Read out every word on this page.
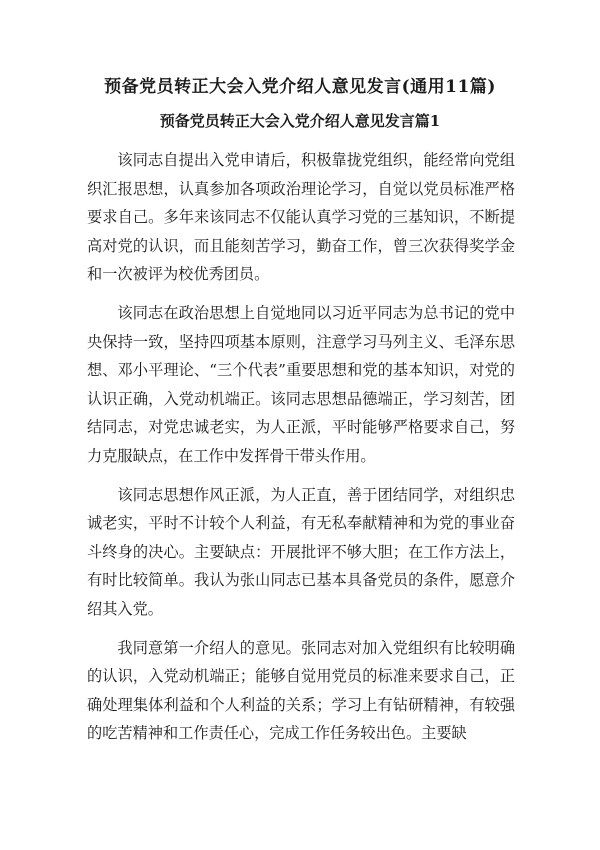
预备党员转正大会入党介绍人意见发言(通用11篇)
预备党员转正大会入党介绍人意见发言篇1

该同志自提出入党申请后，积极靠拢党组织，能经常向党组织汇报思想，认真参加各项政治理论学习，自觉以党员标准严格要求自己。多年来该同志不仅能认真学习党的三基知识，不断提高对党的认识，而且能刻苦学习，勤奋工作，曾三次获得奖学金和一次被评为校优秀团员。

该同志在政治思想上自觉地同以习近平同志为总书记的党中央保持一致，坚持四项基本原则，注意学习马列主义、毛泽东思想、邓小平理论、“三个代表”重要思想和党的基本知识，对党的认识正确，入党动机端正。该同志思想品德端正，学习刻苦，团结同志，对党忠诚老实，为人正派，平时能够严格要求自己，努力克服缺点，在工作中发挥骨干带头作用。

该同志思想作风正派，为人正直，善于团结同学，对组织忠诚老实，平时不计较个人利益，有无私奉献精神和为党的事业奋斗终身的决心。主要缺点：开展批评不够大胆；在工作方法上，有时比较简单。我认为张山同志已基本具备党员的条件，愿意介绍其入党。

我同意第一介绍人的意见。张同志对加入党组织有比较明确的认识，入党动机端正；能够自觉用党员的标准来要求自己，正确处理集体利益和个人利益的关系；学习上有钻研精神，有较强的吃苦精神和工作责任心，完成工作任务较出色。主要缺
